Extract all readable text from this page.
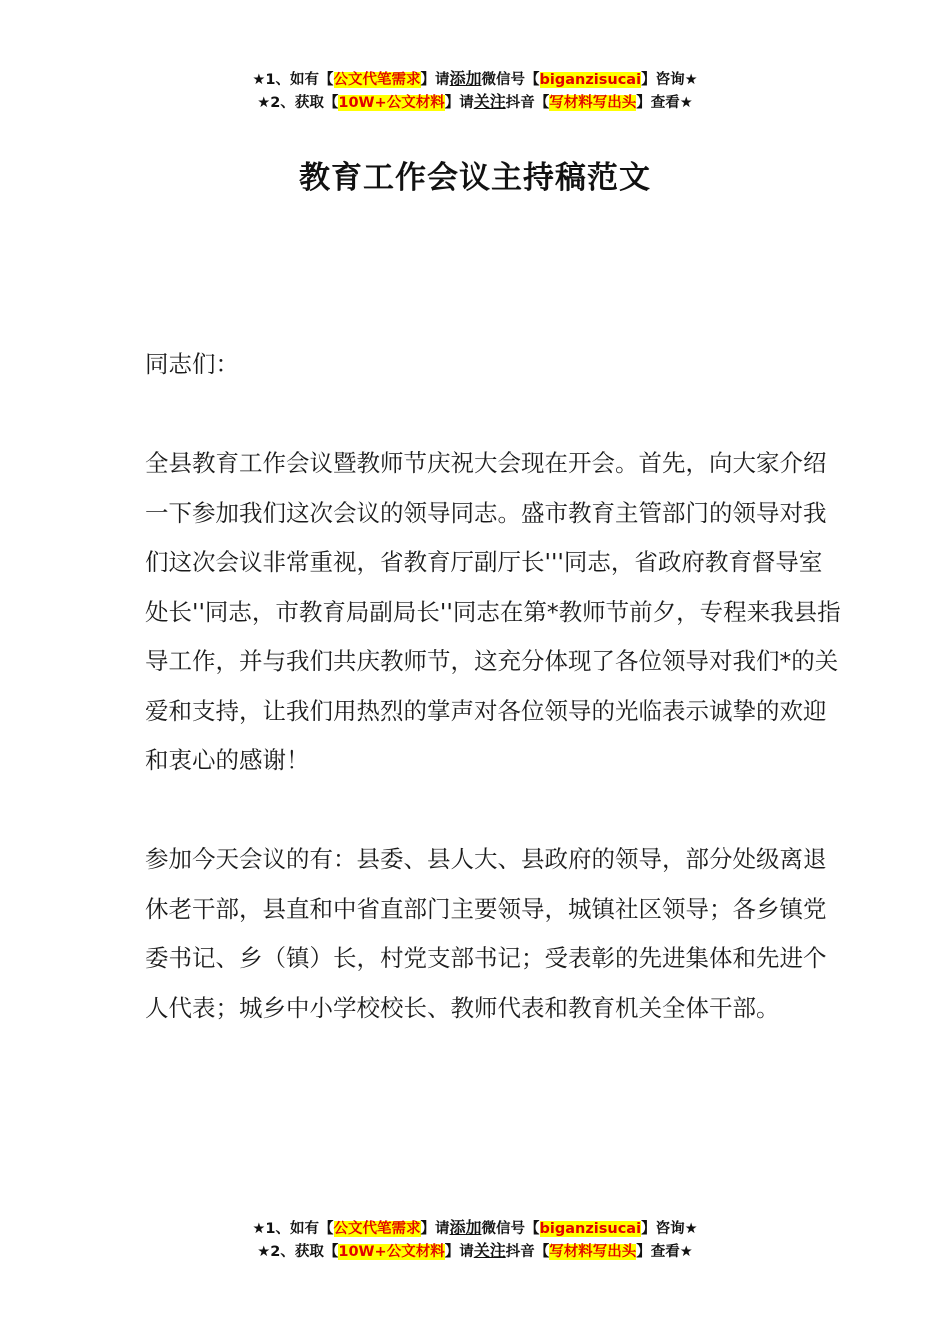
★1、如有【公文代笔需求】请添加微信号【biganzisucai】咨询★
★2、获取【10W+公文材料】请关注抖音【写材料写出头】查看★
教育工作会议主持稿范文

同志们：

全县教育工作会议暨教师节庆祝大会现在开会。首先，向大家介绍一下参加我们这次会议的领导同志。盛市教育主管部门的领导对我们这次会议非常重视，省教育厅副厅长'''同志，省政府教育督导室处长''同志，市教育局副局长''同志在第*教师节前夕，专程来我县指导工作，并与我们共庆教师节，这充分体现了各位领导对我们*的关爱和支持，让我们用热烈的掌声对各位领导的光临表示诚挚的欢迎和衷心的感谢！

参加今天会议的有：县委、县人大、县政府的领导，部分处级离退休老干部，县直和中省直部门主要领导，城镇社区领导；各乡镇党委书记、乡（镇）长，村党支部书记；受表彰的先进集体和先进个人代表；城乡中小学校校长、教师代表和教育机关全体干部。

★1、如有【公文代笔需求】请添加微信号【biganzisucai】咨询★
★2、获取【10W+公文材料】请关注抖音【写材料写出头】查看★
